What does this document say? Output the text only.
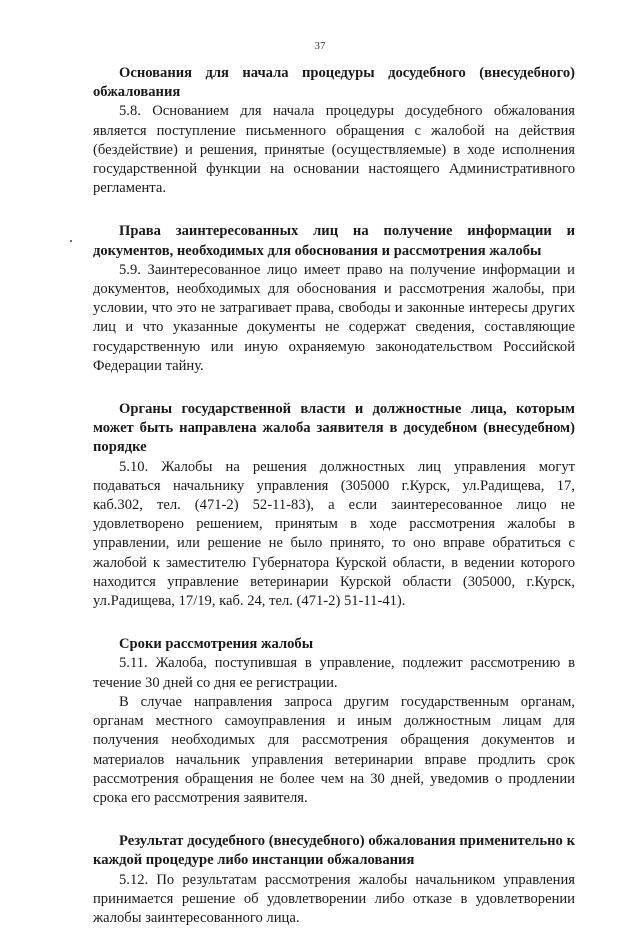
37
Основания для начала процедуры досудебного (внесудебного) обжалования

5.8. Основанием для начала процедуры досудебного обжалования является поступление письменного обращения с жалобой на действия (бездействие) и решения, принятые (осуществляемые) в ходе исполнения государственной функции на основании настоящего Административного регламента.

Права заинтересованных лиц на получение информации и документов, необходимых для обоснования и рассмотрения жалобы

5.9. Заинтересованное лицо имеет право на получение информации и документов, необходимых для обоснования и рассмотрения жалобы, при условии, что это не затрагивает права, свободы и законные интересы других лиц и что указанные документы не содержат сведения, составляющие государственную или иную охраняемую законодательством Российской Федерации тайну.

Органы государственной власти и должностные лица, которым может быть направлена жалоба заявителя в досудебном (внесудебном) порядке

5.10. Жалобы на решения должностных лиц управления могут подаваться начальнику управления (305000 г.Курск, ул.Радищева, 17, каб.302, тел. (471-2) 52-11-83), а если заинтересованное лицо не удовлетворено решением, принятым в ходе рассмотрения жалобы в управлении, или решение не было принято, то оно вправе обратиться с жалобой к заместителю Губернатора Курской области, в ведении которого находится управление ветеринарии Курской области (305000, г.Курск, ул.Радищева, 17/19, каб. 24, тел. (471-2) 51-11-41).

Сроки рассмотрения жалобы

5.11. Жалоба, поступившая в управление, подлежит рассмотрению в течение 30 дней со дня ее регистрации.

В случае направления запроса другим государственным органам, органам местного самоуправления и иным должностным лицам для получения необходимых для рассмотрения обращения документов и материалов начальник управления ветеринарии вправе продлить срок рассмотрения обращения не более чем на 30 дней, уведомив о продлении срока его рассмотрения заявителя.

Результат досудебного (внесудебного) обжалования применительно к каждой процедуре либо инстанции обжалования

5.12. По результатам рассмотрения жалобы начальником управления принимается решение об удовлетворении либо отказе в удовлетворении жалобы заинтересованного лица.
